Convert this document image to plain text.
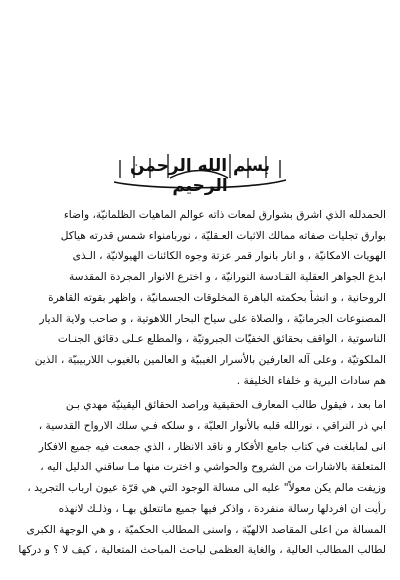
بسم الله الرحمن الرحيم

الحمدلله الذي اشرق بشوارق لمعات ذاته عوالم الماهيات الظلمانيّة، واضاء
بوارق تجليات صفاته ممالك الاثبات العـقليّة ، نوربامنواء شمس قدرته هياكل
الهويات الامكانيّة ، و انار بانوار قمر عزتة وجوه الكائنات الهيولانيّة ، الـذى
ابدع الجواهر العقلية القـادسة النورانيّة ، و اخترع الانوار المجردة المقدسة
الروحانية ، و انشأ بحكمته الباهرة المخلوقات الجسمانيّة ، واظهر بقوته القاهرة
المصنوعات الجرمانيّة ، والصلاة على سياح البحار اللاهوتية ، و صاحب ولاية الديار
الناسوتية ، الواقف بحقائق الخفيّات الجبروتيّة ، والمطلع عـلى دقائق الجنـات
الملكوتيّة ، وعلى آله العارفين بالأسرار الغيبيّة و العالمين بالغيوب اللاربيبيّة ، الذين
هم سادات البرية و خلفاء الخليفة .

اما بعد ، فيقول طالب المعارف الحقيقية وراصد الحقائق اليقينيّة مهدي بـن
ابي ذر النراقي ، نورالله قلبه بالأنوار العليّة ، و سلكه فـي سلك الارواح القدسية ،
انى لمابلغت في كتاب جامع الأفكار و ناقد الانظار ، الذي جمعت فيه جميع الافكار
المتعلقة بالاشارات من الشروح والحواشي و اخترت منها مـا ساقني الدليل اليه ،
وزيفت مالم يكن معولاً" عليه الى مسالة الوجود التي هي قرّة عيون ارباب التجريد ،
رأيت ان افردلها رسالة منفردة ، واذكر فيها جميع ماتتعلق بهـا ، وذلـك لانهذه
المسالة من اعلى المقاصد الالهيّة ، واسنى المطالب الحكميّة ، و هي الوجهة الكبرى
لطالب المطالب العالية ، والغاية العظمى لباحث المباحث المتعالية ، كيف لا ؟ و دركها
